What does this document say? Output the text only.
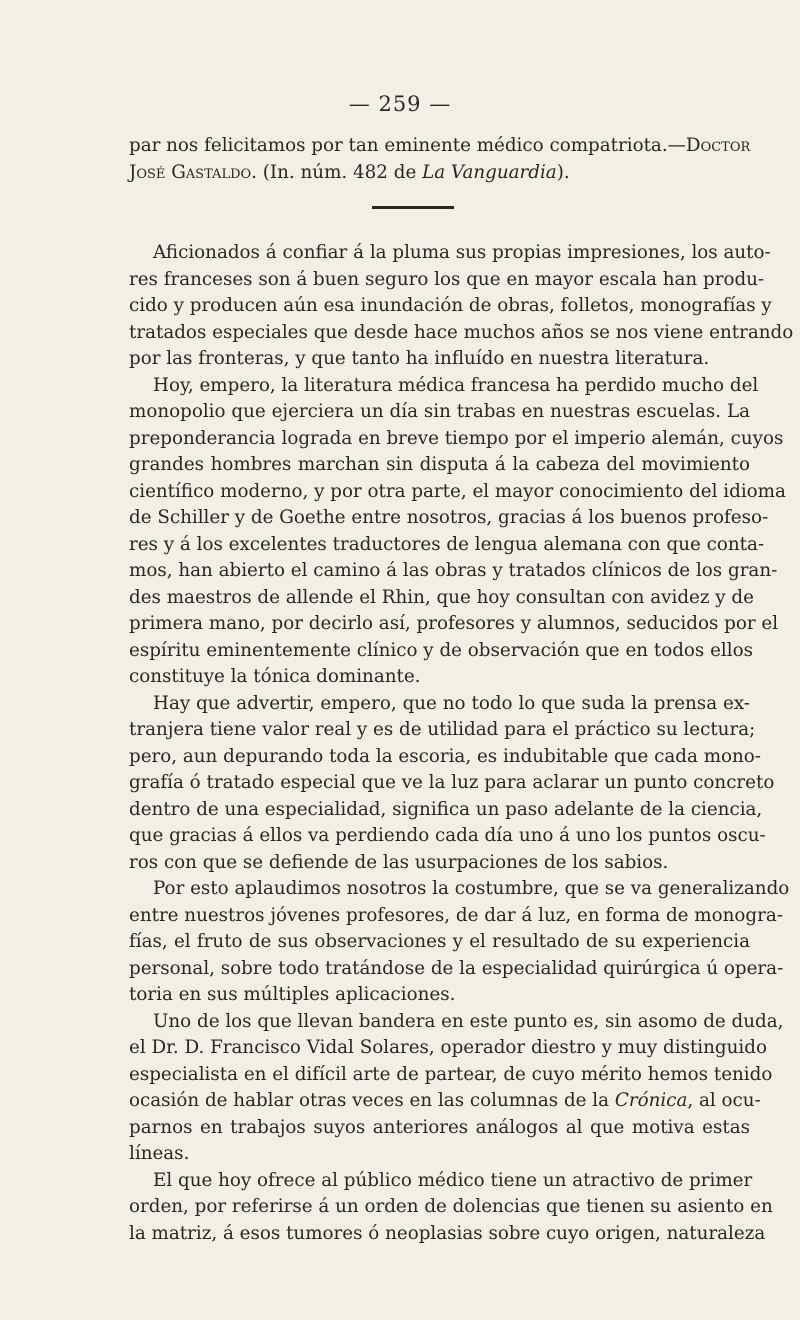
— 259 —
par nos felicitamos por tan eminente médico compatriota.—Doctor
José Gastaldo. (In. núm. 482 de La Vanguardia).
Aficionados á confiar á la pluma sus propias impresiones, los auto-
res franceses son á buen seguro los que en mayor escala han produ-
cido y producen aún esa inundación de obras, folletos, monografías y
tratados especiales que desde hace muchos años se nos viene entrando
por las fronteras, y que tanto ha influído en nuestra literatura.
Hoy, empero, la literatura médica francesa ha perdido mucho del
monopolio que ejerciera un día sin trabas en nuestras escuelas. La
preponderancia lograda en breve tiempo por el imperio alemán, cuyos
grandes hombres marchan sin disputa á la cabeza del movimiento
científico moderno, y por otra parte, el mayor conocimiento del idioma
de Schiller y de Goethe entre nosotros, gracias á los buenos profeso-
res y á los excelentes traductores de lengua alemana con que conta-
mos, han abierto el camino á las obras y tratados clínicos de los gran-
des maestros de allende el Rhin, que hoy consultan con avidez y de
primera mano, por decirlo así, profesores y alumnos, seducidos por el
espíritu eminentemente clínico y de observación que en todos ellos
constituye la tónica dominante.
Hay que advertir, empero, que no todo lo que suda la prensa ex-
tranjera tiene valor real y es de utilidad para el práctico su lectura;
pero, aun depurando toda la escoria, es indubitable que cada mono-
grafía ó tratado especial que ve la luz para aclarar un punto concreto
dentro de una especialidad, significa un paso adelante de la ciencia,
que gracias á ellos va perdiendo cada día uno á uno los puntos oscu-
ros con que se defiende de las usurpaciones de los sabios.
Por esto aplaudimos nosotros la costumbre, que se va generalizando
entre nuestros jóvenes profesores, de dar á luz, en forma de monogra-
fías, el fruto de sus observaciones y el resultado de su experiencia
personal, sobre todo tratándose de la especialidad quirúrgica ú opera-
toria en sus múltiples aplicaciones.
Uno de los que llevan bandera en este punto es, sin asomo de duda,
el Dr. D. Francisco Vidal Solares, operador diestro y muy distinguido
especialista en el difícil arte de partear, de cuyo mérito hemos tenido
ocasión de hablar otras veces en las columnas de la Crónica, al ocu-
parnos en trabajos suyos anteriores análogos al que motiva estas
líneas.
El que hoy ofrece al público médico tiene un atractivo de primer
orden, por referirse á un orden de dolencias que tienen su asiento en
la matriz, á esos tumores ó neoplasias sobre cuyo origen, naturaleza
